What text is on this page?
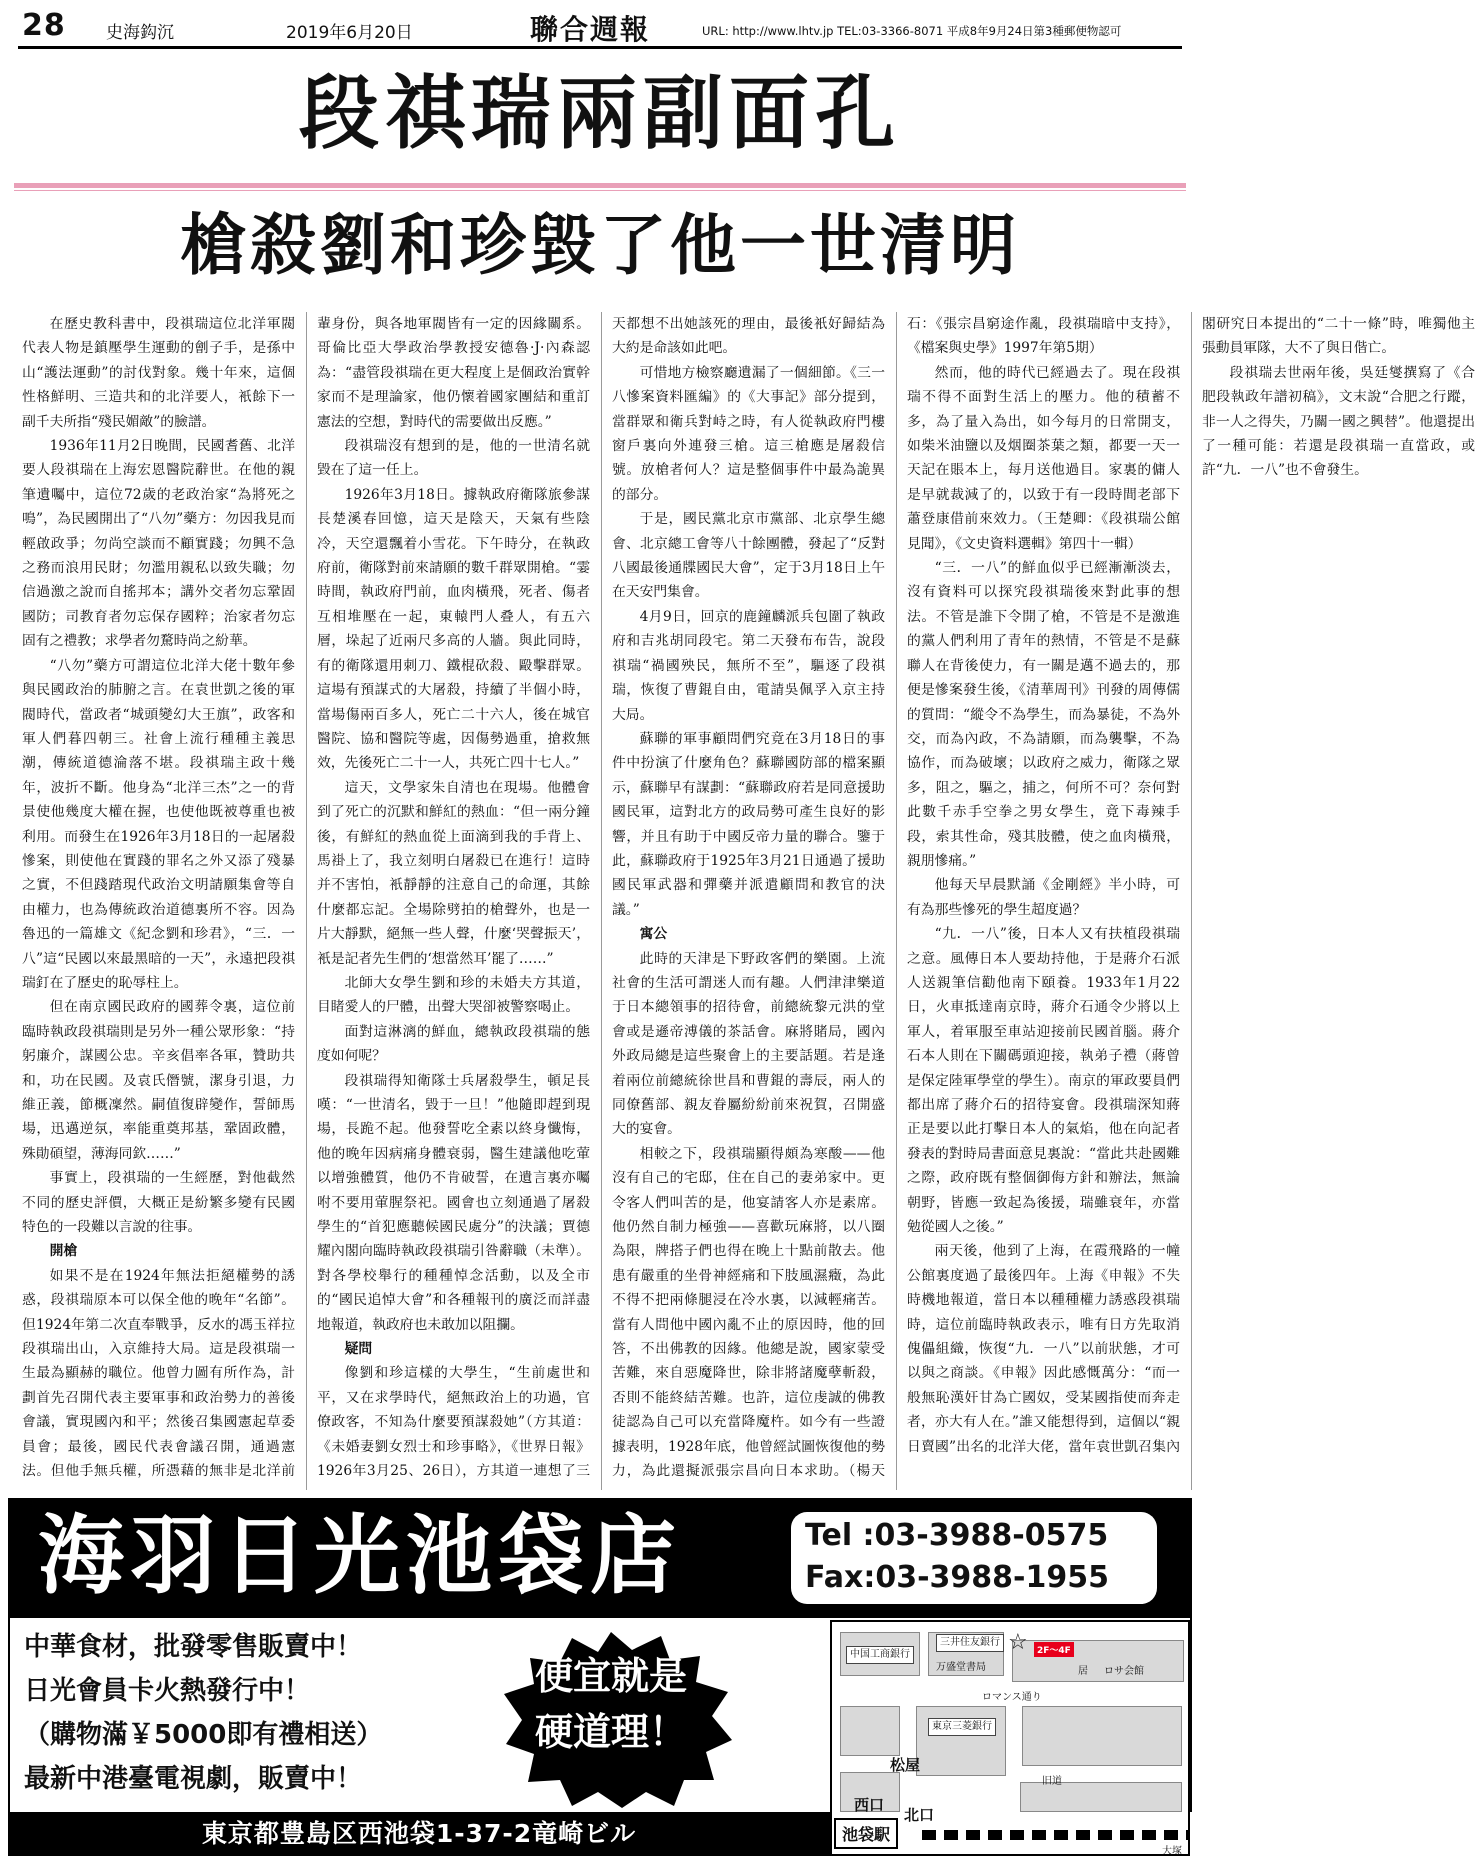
28 史海鈎沉	2019年6月20日	聯合週報	URL: http://www.lhtv.jp TEL:03-3366-8071 平成8年9月24日第3種郵便物認可
段祺瑞兩副面孔
槍殺劉和珍毀了他一世清明

在歷史教科書中，段祺瑞這位北洋軍閥代表人物是鎮壓學生運動的劊子手，是孫中山“護法運動”的討伐對象。幾十年來，這個性格鮮明、三造共和的北洋要人，衹餘下一副千夫所指“殘民媚敵”的臉譜。

1936年11月2日晚間，民國耆舊、北洋要人段祺瑞在上海宏恩醫院辭世。在他的親筆遺囑中，這位72歲的老政治家“為將死之鳴”，為民國開出了“八勿”藥方：勿因我見而輕啟政爭；勿尚空談而不顧實踐；勿興不急之務而浪用民財；勿濫用親私以致失職；勿信過激之說而自搖邦本；講外交者勿忘鞏固國防；司教育者勿忘保存國粹；治家者勿忘固有之禮教；求學者勿騖時尚之紛華。

“八勿”藥方可謂這位北洋大佬十數年參與民國政治的肺腑之言。在袁世凱之後的軍閥時代，當政者“城頭變幻大王旗”，政客和軍人們暮四朝三。社會上流行種種主義思潮，傳統道德淪落不堪。段祺瑞主政十幾年，波折不斷。他身為“北洋三杰”之一的背景使他幾度大權在握，也使他既被尊重也被利用。而發生在1926年3月18日的一起屠殺慘案，則使他在實踐的罪名之外又添了殘暴之實，不但踐踏現代政治文明請願集會等自由權力，也為傳統政治道德裏所不容。因為魯迅的一篇雄文《紀念劉和珍君》，“三．一八”這“民國以來最黑暗的一天”，永遠把段祺瑞釘在了歷史的恥辱柱上。

但在南京國民政府的國葬令裏，這位前臨時執政段祺瑞則是另外一種公眾形象：“持躬廉介，謀國公忠。辛亥倡率各軍，贊助共和，功在民國。及袁氏僭號，潔身引退，力維正義，節概凜然。嗣值復辟變作，誓師馬場，迅邁逆氛，率能重奠邦基，鞏固政體，殊勛碩望，薄海同欽……”

事實上，段祺瑞的一生經歷，對他截然不同的歷史評價，大概正是紛繁多變有民國特色的一段難以言說的往事。

開槍

如果不是在1924年無法拒絕權勢的誘惑，段祺瑞原本可以保全他的晚年“名節”。但1924年第二次直奉戰爭，反水的馮玉祥拉段祺瑞出山，入京維持大局。這是段祺瑞一生最為顯赫的職位。他曾力圖有所作為，計劃首先召開代表主要軍事和政治勢力的善後會議，實現國內和平；然後召集國憲起草委員會；最後，國民代表會議召開，通過憲法。但他手無兵權，所憑藉的無非是北洋前輩身份，與各地軍閥皆有一定的因緣關系。哥倫比亞大學政治學教授安德魯·J·內森認為：“盡管段祺瑞在更大程度上是個政治實幹家而不是理論家，他仍懷着國家團結和重訂憲法的空想，對時代的需要做出反應。”

段祺瑞沒有想到的是，他的一世清名就毀在了這一任上。

1926年3月18日。據執政府衛隊旅參謀長楚溪春回憶，這天是陰天，天氣有些陰冷，天空還飄着小雪花。下午時分，在執政府前，衛隊對前來請願的數千群眾開槍。“霎時間，執政府門前，血肉橫飛，死者、傷者互相堆壓在一起，東轅門人叠人，有五六層，垛起了近兩尺多高的人牆。與此同時，有的衛隊還用刺刀、鐵棍砍殺、毆擊群眾。這場有預謀式的大屠殺，持續了半個小時，當場傷兩百多人，死亡二十六人，後在城官醫院、協和醫院等處，因傷勢過重，搶救無效，先後死亡二十一人，共死亡四十七人。”

這天，文學家朱自清也在現場。他體會到了死亡的沉默和鮮紅的熱血：“但一兩分鐘後，有鮮紅的熱血從上面滴到我的手背上、馬褂上了，我立刻明白屠殺已在進行！這時并不害怕，衹靜靜的注意自己的命運，其餘什麼都忘記。全場除劈拍的槍聲外，也是一片大靜默，絕無一些人聲，什麼‘哭聲振天’，衹是記者先生們的‘想當然耳’罷了……”

北師大女學生劉和珍的未婚夫方其道，目睹愛人的尸體，出聲大哭卻被警察喝止。

面對這淋漓的鮮血，總執政段祺瑞的態度如何呢？

段祺瑞得知衛隊士兵屠殺學生，頓足長嘆：“一世清名，毀于一旦！”他隨即趕到現場，長跪不起。他發誓吃全素以終身懺悔，他的晚年因病痛身體衰弱，醫生建議他吃葷以增強體質，他仍不肯破誓，在遺言裏亦囑咐不要用葷腥祭祀。國會也立刻通過了屠殺學生的“首犯應聽候國民處分”的決議；賈德耀內閣向臨時執政段祺瑞引咎辭職（未準）。對各學校舉行的種種悼念活動，以及全市的“國民追悼大會”和各種報刊的廣泛而詳盡地報道，執政府也未敢加以阻攔。

疑問

像劉和珍這樣的大學生，“生前處世和平，又在求學時代，絕無政治上的功過，官僚政客，不知為什麼要預謀殺她”（方其道：《未婚妻劉女烈士和珍事略》，《世界日報》1926年3月25、26日），方其道一連想了三天都想不出她該死的理由，最後衹好歸結為大約是命該如此吧。

可惜地方檢察廳遺漏了一個細節。《三一八慘案資料匯編》的《大事記》部分提到，當群眾和衛兵對峙之時，有人從執政府門樓窗戶裏向外連發三槍。這三槍應是屠殺信號。放槍者何人？這是整個事件中最為詭異的部分。

于是，國民黨北京市黨部、北京學生總會、北京總工會等八十餘團體，發起了“反對八國最後通牒國民大會”，定于3月18日上午在天安門集會。

4月9日，回京的鹿鐘麟派兵包圍了執政府和吉兆胡同段宅。第二天發布布告，說段祺瑞“禍國殃民，無所不至”，驅逐了段祺瑞，恢復了曹錕自由，電請吳佩孚入京主持大局。

蘇聯的軍事顧問們究竟在3月18日的事件中扮演了什麼角色？蘇聯國防部的檔案顯示，蘇聯早有謀劃：“蘇聯政府若是同意援助國民軍，這對北方的政局勢可產生良好的影響，并且有助于中國反帝力量的聯合。鑒于此，蘇聯政府于1925年3月21日通過了援助國民軍武器和彈藥并派遣顧問和教官的決議。”

寓公

此時的天津是下野政客們的樂園。上流社會的生活可謂迷人而有趣。人們津津樂道于日本總領事的招待會，前總統黎元洪的堂會或是遜帝溥儀的茶話會。麻將賭局，國內外政局總是這些聚會上的主要話題。若是逢着兩位前總統徐世昌和曹錕的壽辰，兩人的同僚舊部、親友眷屬紛紛前來祝賀，召開盛大的宴會。

相較之下，段祺瑞顯得頗為寒酸——他沒有自己的宅邸，住在自己的妻弟家中。更令客人們叫苦的是，他宴請客人亦是素席。他仍然自制力極強——喜歡玩麻將，以八圈為限，牌搭子們也得在晚上十點前散去。他患有嚴重的坐骨神經痛和下肢風濕癥，為此不得不把兩條腿浸在冷水裏，以減輕痛苦。當有人問他中國內亂不止的原因時，他的回答，不出佛教的因緣。他總是說，國家蒙受苦難，來自惡魔降世，除非將諸魔孽斬殺，否則不能終結苦難。也許，這位虔誠的佛教徒認為自己可以充當降魔杵。如今有一些證據表明，1928年底，他曾經試圖恢復他的勢力，為此還擬派張宗昌向日本求助。（楊天石：《張宗昌窮途作亂，段祺瑞暗中支持》，《檔案與史學》1997年第5期）

然而，他的時代已經過去了。現在段祺瑞不得不面對生活上的壓力。他的積蓄不多，為了量入為出，如今每月的日常開支，如柴米油鹽以及烟圈茶葉之類，都要一天一天記在賬本上，每月送他過目。家裏的傭人是早就裁減了的，以致于有一段時間老部下蕭登康借前來效力。（王楚卿：《段祺瑞公館見聞》，《文史資料選輯》第四十一輯）

“三．一八”的鮮血似乎已經漸漸淡去，沒有資料可以探究段祺瑞後來對此事的想法。不管是誰下令開了槍，不管是不是激進的黨人們利用了青年的熱情，不管是不是蘇聯人在背後使力，有一關是邁不過去的，那便是慘案發生後，《清華周刊》刊發的周傳儒的質問：“縱令不為學生，而為暴徒，不為外交，而為內政，不為請願，而為襲擊，不為協作，而為破壞；以政府之威力，衛隊之眾多，阻之，驅之，捕之，何所不可？奈何對此數千赤手空拳之男女學生，竟下毒辣手段，索其性命，殘其肢體，使之血肉橫飛，親朋慘痛。”

他每天早晨默誦《金剛經》半小時，可有為那些慘死的學生超度過？

“九．一八”後，日本人又有扶植段祺瑞之意。風傳日本人要劫持他，于是蔣介石派人送親筆信勸他南下頤養。1933年1月22日，火車抵達南京時，蔣介石通令少將以上軍人，着軍服至車站迎接前民國首腦。蔣介石本人則在下關碼頭迎接，執弟子禮（蔣曾是保定陸軍學堂的學生）。南京的軍政要員們都出席了蔣介石的招待宴會。段祺瑞深知蔣正是要以此打擊日本人的氣焰，他在向記者發表的對時局書面意見裏說：“當此共赴國難之際，政府既有整個御侮方針和辦法，無論朝野，皆應一致起為後援，瑞雖衰年，亦當勉從國人之後。”

兩天後，他到了上海，在霞飛路的一幢公館裏度過了最後四年。上海《申報》不失時機地報道，當日本以種種權力誘惑段祺瑞時，這位前臨時執政表示，唯有日方先取消傀儡組織，恢復“九．一八”以前狀態，才可以與之商談。《申報》因此感慨萬分：“而一般無恥漢奸甘為亡國奴，受某國指使而奔走者，亦大有人在。”誰又能想得到，這個以“親日賣國”出名的北洋大佬，當年袁世凱召集內閣研究日本提出的“二十一條”時，唯獨他主張動員軍隊，大不了與日偕亡。

段祺瑞去世兩年後，吳廷燮撰寫了《合肥段執政年譜初稿》，文末說“合肥之行蹤，非一人之得失，乃關一國之興替”。他還提出了一種可能：若還是段祺瑞一直當政，或許“九．一八”也不會發生。

海羽日光池袋店	Tel :03-3988-0575
Fax:03-3988-1955
中華食材，批發零售販賣中！
日光會員卡火熱發行中！
（購物滿￥5000即有禮相送）
最新中港臺電視劇，販賣中！
便宜就是
硬道理！
東京都豊島区西池袋1-37-2竜崎ビル
中国工商銀行
三井住友銀行
万盛堂書局
☆	2F～4F
居 ロサ会館
ロマンス通り
東京三菱銀行
旧道
松屋
西口
北口
池袋駅
大塚
